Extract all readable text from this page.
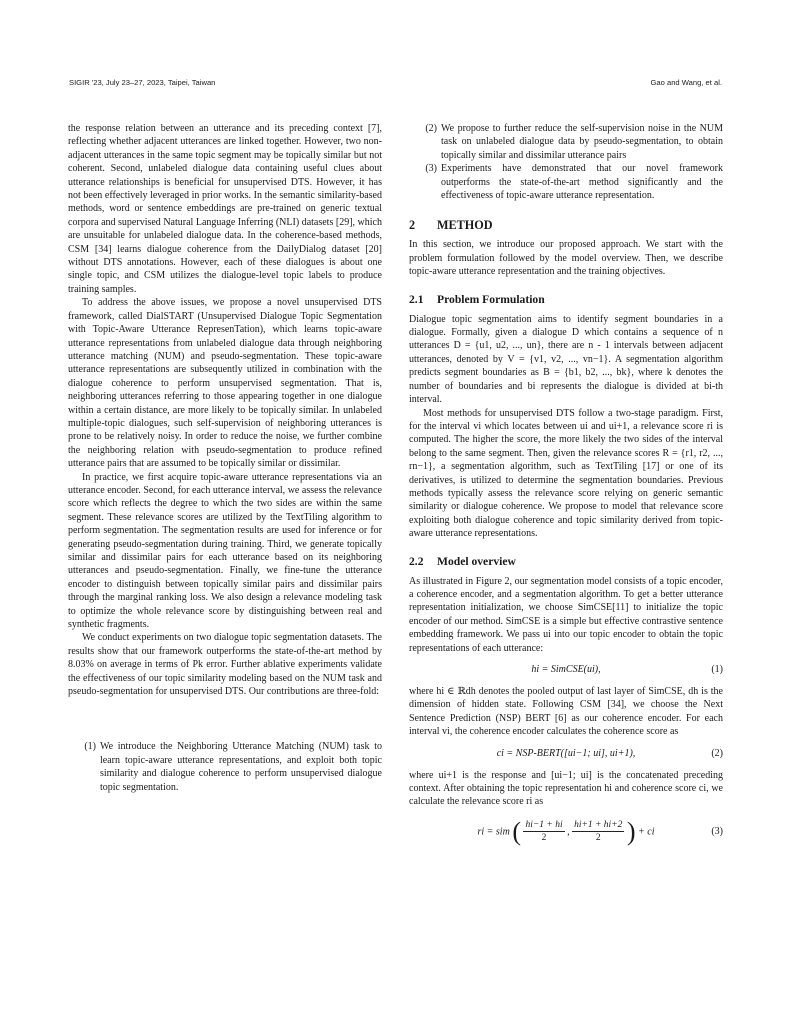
SIGIR '23, July 23–27, 2023, Taipei, Taiwan	Gao and Wang, et al.

the response relation between an utterance and its preceding context [7], reflecting whether adjacent utterances are linked together. However, two non-adjacent utterances in the same topic segment may be topically similar but not coherent. Second, unlabeled dialogue data containing useful clues about utterance relationships is beneficial for unsupervised DTS. However, it has not been effectively leveraged in prior works. In the semantic similarity-based methods, word or sentence embeddings are pre-trained on generic textual corpora and supervised Natural Language Inferring (NLI) datasets [29], which are unsuitable for unlabeled dialogue data. In the coherence-based methods, CSM [34] learns dialogue coherence from the DailyDialog dataset [20] without DTS annotations. However, each of these dialogues is about one single topic, and CSM utilizes the dialogue-level topic labels to produce training samples.

To address the above issues, we propose a novel unsupervised DTS framework, called DialSTART (Unsupervised Dialogue Topic Segmentation with Topic-Aware Utterance RepresenTation), which learns topic-aware utterance representations from unlabeled dialogue data through neighboring utterance matching (NUM) and pseudo-segmentation. These topic-aware utterance representations are subsequently utilized in combination with the dialogue coherence to perform unsupervised segmentation. That is, neighboring utterances referring to those appearing together in one dialogue within a certain distance, are more likely to be topically similar. In unlabeled multiple-topic dialogues, such self-supervision of neighboring utterances is prone to be relatively noisy. In order to reduce the noise, we further combine the neighboring relation with pseudo-segmentation to produce refined utterance pairs that are assumed to be topically similar or dissimilar.

In practice, we first acquire topic-aware utterance representations via an utterance encoder. Second, for each utterance interval, we assess the relevance score which reflects the degree to which the two sides are within the same segment. These relevance scores are utilized by the TextTiling algorithm to perform segmentation. The segmentation results are used for inference or for generating pseudo-segmentation during training. Third, we generate topically similar and dissimilar pairs for each utterance based on its neighboring utterances and pseudo-segmentation. Finally, we fine-tune the utterance encoder to distinguish between topically similar pairs and dissimilar pairs through the marginal ranking loss. We also design a relevance modeling task to optimize the whole relevance score by distinguishing between real and synthetic fragments.

We conduct experiments on two dialogue topic segmentation datasets. The results show that our framework outperforms the state-of-the-art method by 8.03% on average in terms of Pk error. Further ablative experiments validate the effectiveness of our topic similarity modeling based on the NUM task and pseudo-segmentation for unsupervised DTS. Our contributions are three-fold:

(1) We introduce the Neighboring Utterance Matching (NUM) task to learn topic-aware utterance representations, and exploit both topic similarity and dialogue coherence to perform unsupervised dialogue topic segmentation.
(2) We propose to further reduce the self-supervision noise in the NUM task on unlabeled dialogue data by pseudo-segmentation, to obtain topically similar and dissimilar utterance pairs
(3) Experiments have demonstrated that our novel framework outperforms the state-of-the-art method significantly and the effectiveness of topic-aware utterance representation.
2 METHOD

In this section, we introduce our proposed approach. We start with the problem formulation followed by the model overview. Then, we describe topic-aware utterance representation and the training objectives.

2.1 Problem Formulation

Dialogue topic segmentation aims to identify segment boundaries in a dialogue. Formally, given a dialogue D which contains a sequence of n utterances D = {u1, u2, ..., un}, there are n - 1 intervals between adjacent utterances, denoted by V = {v1, v2, ..., vn−1}. A segmentation algorithm predicts segment boundaries as B = {b1, b2, ..., bk}, where k denotes the number of boundaries and bi represents the dialogue is divided at bi-th interval.

Most methods for unsupervised DTS follow a two-stage paradigm. First, for the interval vi which locates between ui and ui+1, a relevance score ri is computed. The higher the score, the more likely the two sides of the interval belong to the same segment. Then, given the relevance scores R = {r1, r2, ..., rn−1}, a segmentation algorithm, such as TextTiling [17] or one of its derivatives, is utilized to determine the segmentation boundaries. Previous methods typically assess the relevance score relying on generic semantic similarity or dialogue coherence. We propose to model that relevance score exploiting both dialogue coherence and topic similarity derived from topic-aware utterance representations.

2.2 Model overview

As illustrated in Figure 2, our segmentation model consists of a topic encoder, a coherence encoder, and a segmentation algorithm. To get a better utterance representation initialization, we choose SimCSE[11] to initialize the topic encoder of our method. SimCSE is a simple but effective contrastive sentence embedding framework. We pass ui into our topic encoder to obtain the topic representations of each utterance:

hi = SimCSE(ui),	(1)

where hi ∈ ℝdh denotes the pooled output of last layer of SimCSE, dh is the dimension of hidden state. Following CSM [34], we choose the Next Sentence Prediction (NSP) BERT [6] as our coherence encoder. For each interval vi, the coherence encoder calculates the coherence score as

ci = NSP-BERT([ui−1; ui], ui+1),	(2)

where ui+1 is the response and [ui−1; ui] is the concatenated preceding context. After obtaining the topic representation hi and coherence score ci, we calculate the relevance score ri as

ri = sim ( $\frac{hi-1 + hi}{2}$ , $\frac{hi+1 + hi+2}{2}$ ) + ci	(3)
